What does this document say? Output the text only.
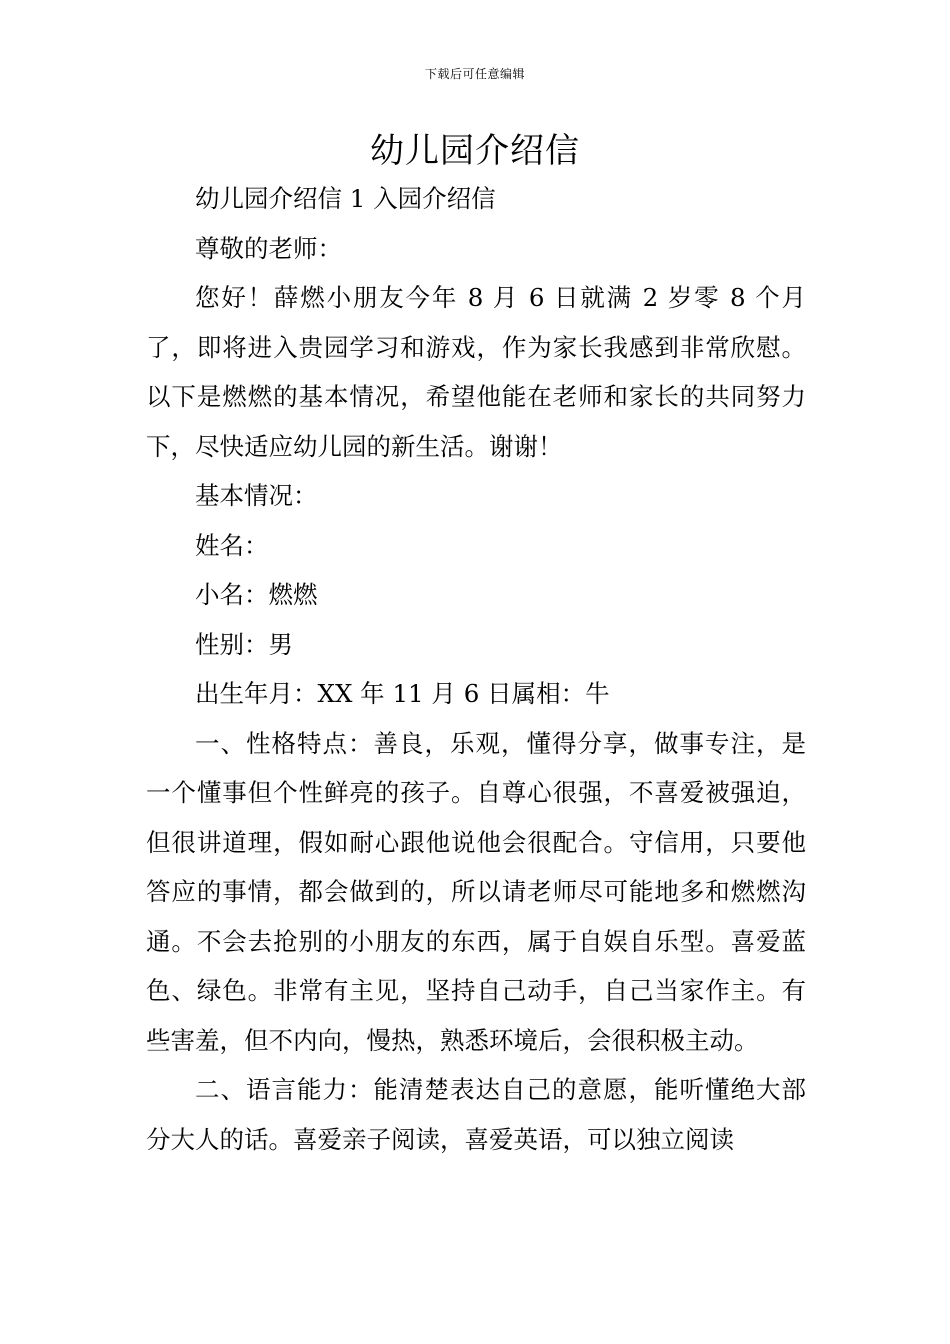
下载后可任意编辑
幼儿园介绍信

幼儿园介绍信 1 入园介绍信

尊敬的老师：

您好！薛燃小朋友今年 8 月 6 日就满 2 岁零 8 个月了，即将进入贵园学习和游戏，作为家长我感到非常欣慰。以下是燃燃的基本情况，希望他能在老师和家长的共同努力下，尽快适应幼儿园的新生活。谢谢！

基本情况：

姓名：

小名：燃燃

性别：男

出生年月：XX 年 11 月 6 日属相：牛

一、性格特点：善良，乐观，懂得分享，做事专注，是一个懂事但个性鲜亮的孩子。自尊心很强，不喜爱被强迫，但很讲道理，假如耐心跟他说他会很配合。守信用，只要他答应的事情，都会做到的，所以请老师尽可能地多和燃燃沟通。不会去抢别的小朋友的东西，属于自娱自乐型。喜爱蓝色、绿色。非常有主见，坚持自己动手，自己当家作主。有些害羞，但不内向，慢热，熟悉环境后，会很积极主动。

二、语言能力：能清楚表达自己的意愿，能听懂绝大部分大人的话。喜爱亲子阅读，喜爱英语，可以独立阅读
